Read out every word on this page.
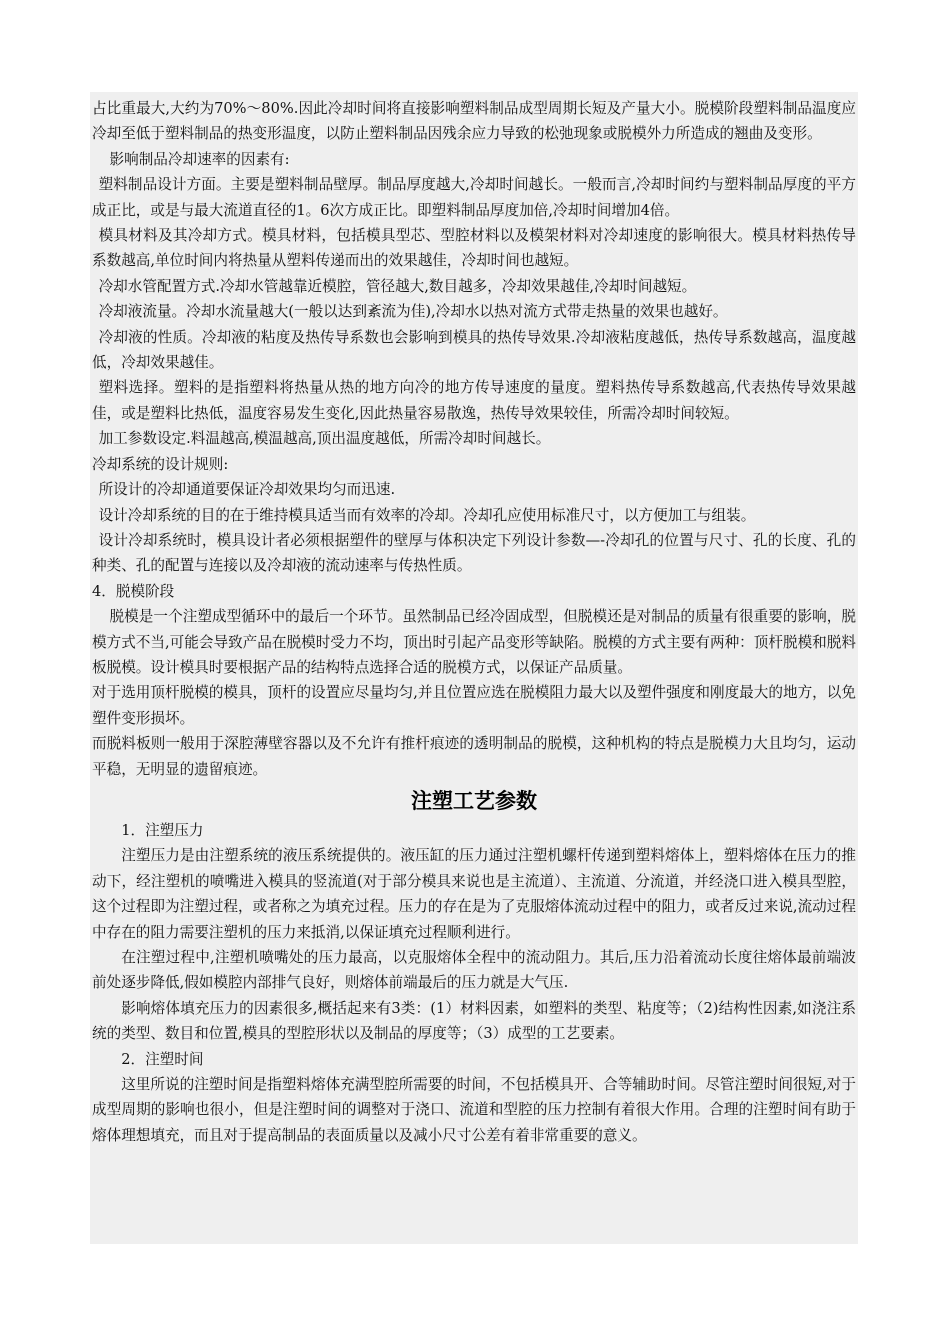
占比重最大,大约为70%～80%.因此冷却时间将直接影响塑料制品成型周期长短及产量大小。脱模阶段塑料制品温度应冷却至低于塑料制品的热变形温度，以防止塑料制品因残余应力导致的松弛现象或脱模外力所造成的翘曲及变形。

影响制品冷却速率的因素有:

塑料制品设计方面。主要是塑料制品壁厚。制品厚度越大,冷却时间越长。一般而言,冷却时间约与塑料制品厚度的平方成正比，或是与最大流道直径的1。6次方成正比。即塑料制品厚度加倍,冷却时间增加4倍。

模具材料及其冷却方式。模具材料，包括模具型芯、型腔材料以及模架材料对冷却速度的影响很大。模具材料热传导系数越高,单位时间内将热量从塑料传递而出的效果越佳，冷却时间也越短。

冷却水管配置方式.冷却水管越靠近模腔，管径越大,数目越多，冷却效果越佳,冷却时间越短。

冷却液流量。冷却水流量越大(一般以达到紊流为佳),冷却水以热对流方式带走热量的效果也越好。

冷却液的性质。冷却液的粘度及热传导系数也会影响到模具的热传导效果.冷却液粘度越低，热传导系数越高，温度越低，冷却效果越佳。

塑料选择。塑料的是指塑料将热量从热的地方向冷的地方传导速度的量度。塑料热传导系数越高,代表热传导效果越佳，或是塑料比热低，温度容易发生变化,因此热量容易散逸，热传导效果较佳，所需冷却时间较短。

加工参数设定.料温越高,模温越高,顶出温度越低，所需冷却时间越长。

冷却系统的设计规则:

所设计的冷却通道要保证冷却效果均匀而迅速.

设计冷却系统的目的在于维持模具适当而有效率的冷却。冷却孔应使用标准尺寸，以方便加工与组装。

设计冷却系统时，模具设计者必须根据塑件的壁厚与体积决定下列设计参数—-冷却孔的位置与尺寸、孔的长度、孔的种类、孔的配置与连接以及冷却液的流动速率与传热性质。

4．脱模阶段

脱模是一个注塑成型循环中的最后一个环节。虽然制品已经冷固成型，但脱模还是对制品的质量有很重要的影响，脱模方式不当,可能会导致产品在脱模时受力不均，顶出时引起产品变形等缺陷。脱模的方式主要有两种：顶杆脱模和脱料板脱模。设计模具时要根据产品的结构特点选择合适的脱模方式，以保证产品质量。

对于选用顶杆脱模的模具，顶杆的设置应尽量均匀,并且位置应选在脱模阻力最大以及塑件强度和刚度最大的地方，以免塑件变形损坏。

而脱料板则一般用于深腔薄壁容器以及不允许有推杆痕迹的透明制品的脱模，这种机构的特点是脱模力大且均匀，运动平稳，无明显的遗留痕迹。

注塑工艺参数

1．注塑压力

注塑压力是由注塑系统的液压系统提供的。液压缸的压力通过注塑机螺杆传递到塑料熔体上，塑料熔体在压力的推动下，经注塑机的喷嘴进入模具的竖流道(对于部分模具来说也是主流道）、主流道、分流道，并经浇口进入模具型腔，这个过程即为注塑过程，或者称之为填充过程。压力的存在是为了克服熔体流动过程中的阻力，或者反过来说,流动过程中存在的阻力需要注塑机的压力来抵消,以保证填充过程顺利进行。

在注塑过程中,注塑机喷嘴处的压力最高，以克服熔体全程中的流动阻力。其后,压力沿着流动长度往熔体最前端波前处逐步降低,假如模腔内部排气良好，则熔体前端最后的压力就是大气压.

影响熔体填充压力的因素很多,概括起来有3类：(1）材料因素，如塑料的类型、粘度等；（2)结构性因素,如浇注系统的类型、数目和位置,模具的型腔形状以及制品的厚度等；（3）成型的工艺要素。

2．注塑时间

这里所说的注塑时间是指塑料熔体充满型腔所需要的时间，不包括模具开、合等辅助时间。尽管注塑时间很短,对于成型周期的影响也很小，但是注塑时间的调整对于浇口、流道和型腔的压力控制有着很大作用。合理的注塑时间有助于熔体理想填充，而且对于提高制品的表面质量以及减小尺寸公差有着非常重要的意义。
